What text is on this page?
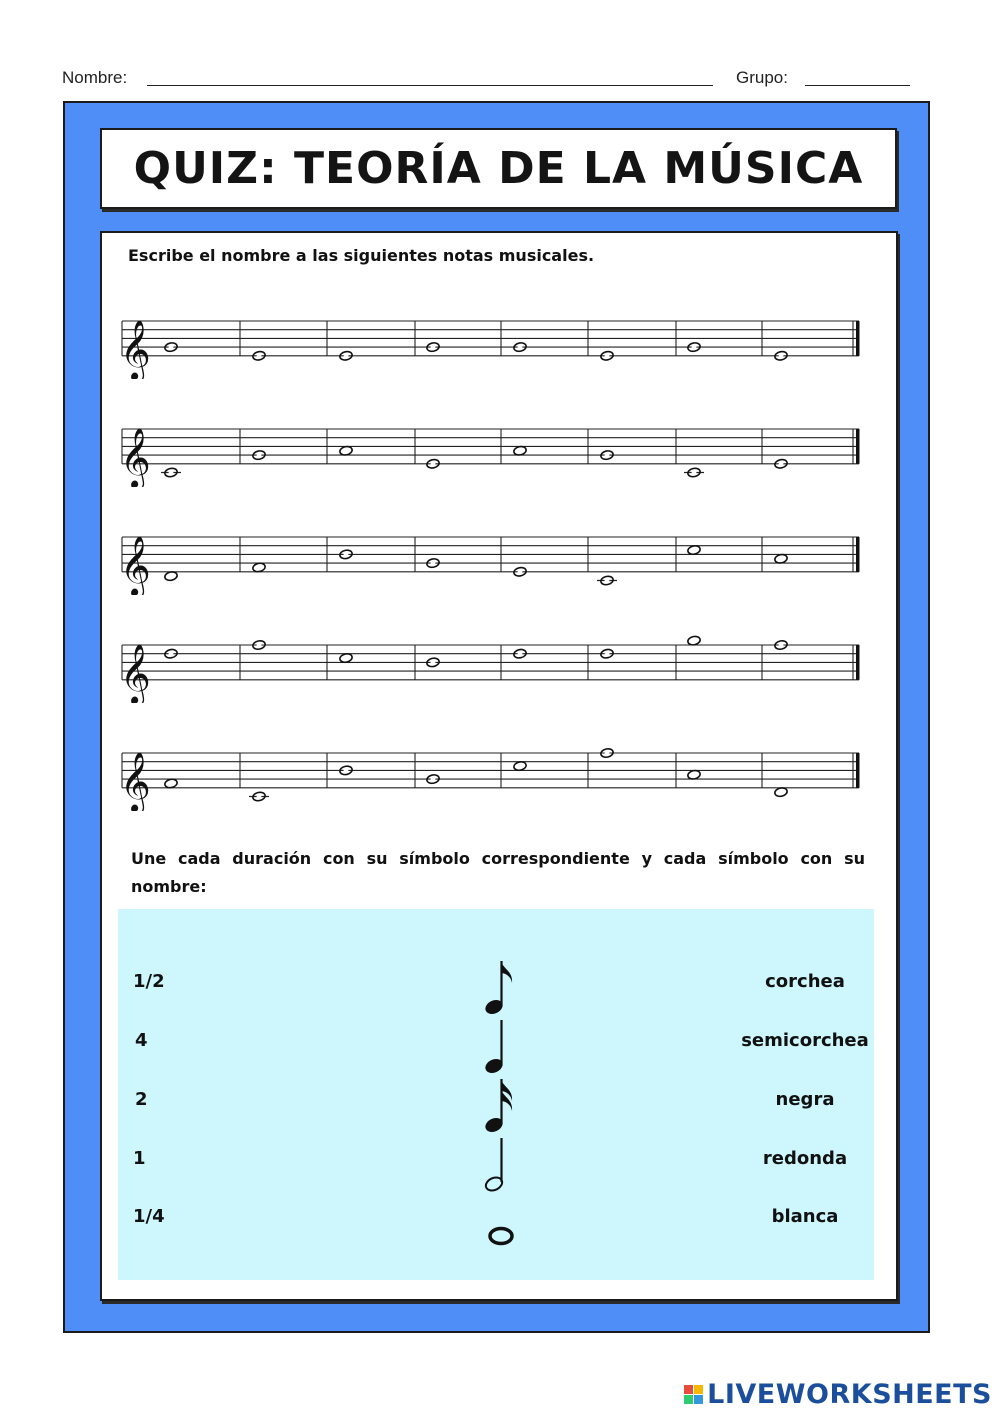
Nombre:	Grupo:
QUIZ: TEORÍA DE LA MÚSICA
Escribe el nombre a las siguientes notas musicales.
𝄞
𝄞
𝄞
𝄞
𝄞
Une cada duración con su símbolo correspondiente y cada símbolo con su nombre:
1/2	corchea
4	semicorchea
2	negra
1	redonda
1/4	blanca
LIVEWORKSHEETS
